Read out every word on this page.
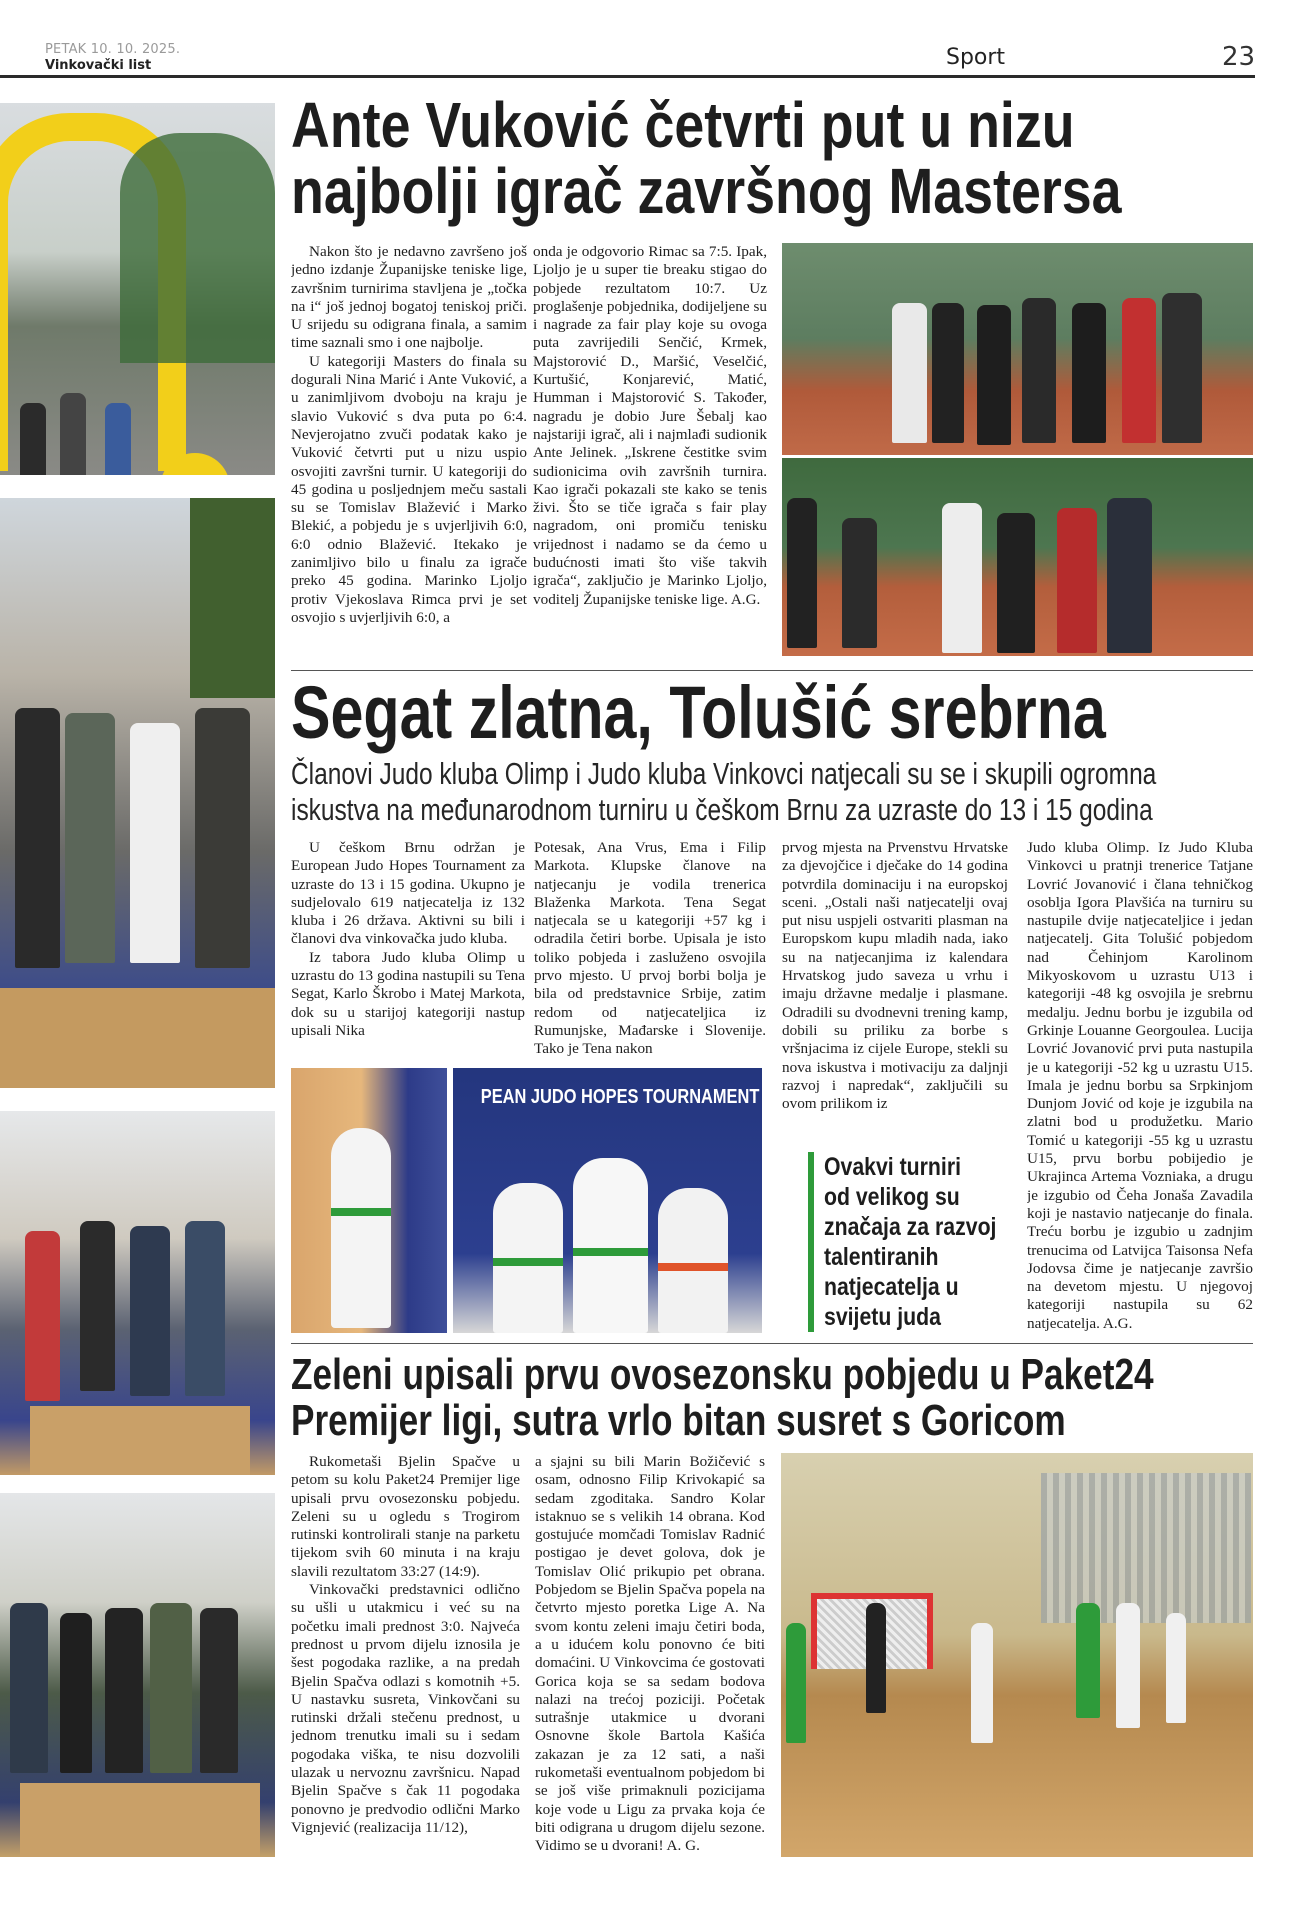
PETAK 10. 10. 2025.
Vinkovački list	Sport	23
Ante Vuković četvrti put u nizu
najbolji igrač završnog Mastersa

Nakon što je nedavno završeno još jedno izdanje Županijske teniske lige, završnim turnirima stavljena je „točka na i“ još jednoj bogatoj teniskoj priči. U srijedu su odigrana finala, a samim time saznali smo i one najbolje.

U kategoriji Masters do finala su dogurali Nina Marić i Ante Vuković, a u zanimljivom dvoboju na kraju je slavio Vuković s dva puta po 6:4. Nevjerojatno zvuči podatak kako je Vuković četvrti put u nizu uspio osvojiti završni turnir. U kategoriji do 45 godina u posljednjem meču sastali su se Tomislav Blažević i Marko Blekić, a pobjedu je s uvjerljivih 6:0, 6:0 odnio Blažević. Itekako je zanimljivo bilo u finalu za igrače preko 45 godina. Marinko Ljoljo protiv Vjekoslava Rimca prvi je set osvojio s uvjerljivih 6:0, a

onda je odgovorio Rimac sa 7:5. Ipak, Ljoljo je u super tie breaku stigao do pobjede rezultatom 10:7. Uz proglašenje pobjednika, dodijeljene su i nagrade za fair play koje su ovoga puta zavrijedili Senčić, Krmek, Majstorović D., Maršić, Veselčić, Kurtušić, Konjarević, Matić, Humman i Majstorović S. Također, nagradu je dobio Jure Šebalj kao najstariji igrač, ali i najmlađi sudionik Ante Jelinek. „Iskrene čestitke svim sudionicima ovih završnih turnira. Kao igrači pokazali ste kako se tenis živi. Što se tiče igrača s fair play nagradom, oni promiču tenisku vrijednost i nadamo se da ćemo u budućnosti imati što više takvih igrača“, zaključio je Marinko Ljoljo, voditelj Županijske teniske lige. A.G.

Segat zlatna, Tolušić srebrna
Članovi Judo kluba Olimp i Judo kluba Vinkovci natjecali su se i skupili ogromna
iskustva na međunarodnom turniru u češkom Brnu za uzraste do 13 i 15 godina

U češkom Brnu održan je European Judo Hopes Tournament za uzraste do 13 i 15 godina. Ukupno je sudjelovalo 619 natjecatelja iz 132 kluba i 26 država. Aktivni su bili i članovi dva vinkovačka judo kluba.

Iz tabora Judo kluba Olimp u uzrastu do 13 godina nastupili su Tena Segat, Karlo Škrobo i Matej Markota, dok su u starijoj kategoriji nastup upisali Nika

Potesak, Ana Vrus, Ema i Filip Markota. Klupske članove na natjecanju je vodila trenerica Blaženka Markota. Tena Segat natjecala se u kategoriji +57 kg i odradila četiri borbe. Upisala je isto toliko pobjeda i zasluženo osvojila prvo mjesto. U prvoj borbi bolja je bila od predstavnice Srbije, zatim redom od natjecateljica iz Rumunjske, Mađarske i Slovenije. Tako je Tena nakon

prvog mjesta na Prvenstvu Hrvatske za djevojčice i dječake do 14 godina potvrdila dominaciju i na europskoj sceni. „Ostali naši natjecatelji ovaj put nisu uspjeli ostvariti plasman na Europskom kupu mladih nada, iako su na natjecanjima iz kalendara Hrvatskog judo saveza u vrhu i imaju državne medalje i plasmane. Odradili su dvodnevni trening kamp, dobili su priliku za borbe s vršnjacima iz cijele Europe, stekli su nova iskustva i motivaciju za daljnji razvoj i napredak“, zaključili su ovom prilikom iz

Judo kluba Olimp. Iz Judo Kluba Vinkovci u pratnji trenerice Tatjane Lovrić Jovanović i člana tehničkog osoblja Igora Plavšića na turniru su nastupile dvije natjecateljice i jedan natjecatelj. Gita Tolušić pobjedom nad Čehinjom Karolinom Mikyoskovom u uzrastu U13 i kategoriji -48 kg osvojila je srebrnu medalju. Jednu borbu je izgubila od Grkinje Louanne Georgoulea. Lucija Lovrić Jovanović prvi puta nastupila je u kategoriji -52 kg u uzrastu U15. Imala je jednu borbu sa Srpkinjom Dunjom Jović od koje je izgubila na zlatni bod u produžetku. Mario Tomić u kategoriji -55 kg u uzrastu U15, prvu borbu pobijedio je Ukrajinca Artema Vozniaka, a drugu je izgubio od Čeha Jonaša Zavadila koji je nastavio natjecanje do finala. Treću borbu je izgubio u zadnjim trenucima od Latvijca Taisonsa Nefa Jodovsa čime je natjecanje završio na devetom mjestu. U njegovoj kategoriji nastupila su 62 natjecatelja. A.G.

PEAN JUDO HOPES TOURNAMENT
Ovakvi turniri
od velikog su
značaja za razvoj
talentiranih
natjecatelja u
svijetu juda
Zeleni upisali prvu ovosezonsku pobjedu u Paket24
Premijer ligi, sutra vrlo bitan susret s Goricom

Rukometaši Bjelin Spačve u petom su kolu Paket24 Premijer lige upisali prvu ovosezonsku pobjedu. Zeleni su u ogledu s Trogirom rutinski kontrolirali stanje na parketu tijekom svih 60 minuta i na kraju slavili rezultatom 33:27 (14:9).

Vinkovački predstavnici odlično su ušli u utakmicu i već su na početku imali prednost 3:0. Najveća prednost u prvom dijelu iznosila je šest pogodaka razlike, a na predah Bjelin Spačva odlazi s komotnih +5. U nastavku susreta, Vinkovčani su rutinski držali stečenu prednost, u jednom trenutku imali su i sedam pogodaka viška, te nisu dozvolili ulazak u nervoznu završnicu. Napad Bjelin Spačve s čak 11 pogodaka ponovno je predvodio odlični Marko Vignjević (realizacija 11/12),

a sjajni su bili Marin Božičević s osam, odnosno Filip Krivokapić sa sedam zgoditaka. Sandro Kolar istaknuo se s velikih 14 obrana. Kod gostujuće momčadi Tomislav Radnić postigao je devet golova, dok je Tomislav Olić prikupio pet obrana. Pobjedom se Bjelin Spačva popela na četvrto mjesto poretka Lige A. Na svom kontu zeleni imaju četiri boda, a u idućem kolu ponovno će biti domaćini. U Vinkovcima će gostovati Gorica koja se sa sedam bodova nalazi na trećoj poziciji. Početak sutrašnje utakmice u dvorani Osnovne škole Bartola Kašića zakazan je za 12 sati, a naši rukometaši eventualnom pobjedom bi se još više primaknuli pozicijama koje vode u Ligu za prvaka koja će biti odigrana u drugom dijelu sezone. Vidimo se u dvorani! A. G.
